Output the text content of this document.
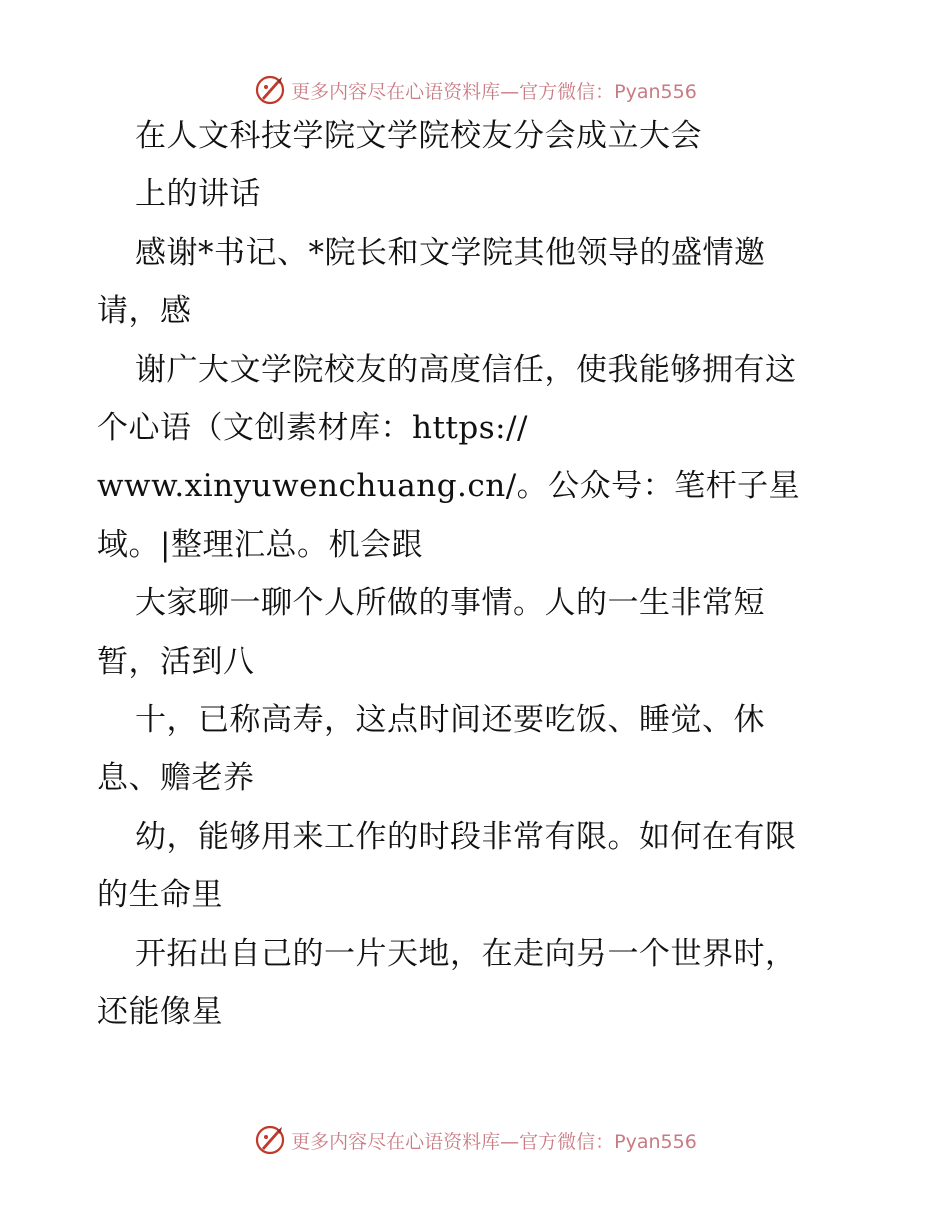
更多内容尽在心语资料库—官方微信：Pyan556
在人文科技学院文学院校友分会成立大会
上的讲话
感谢*书记、*院长和文学院其他领导的盛情邀
请，感
谢广大文学院校友的高度信任，使我能够拥有这
个心语（文创素材库：https://
www.xinyuwenchuang.cn/。公众号：笔杆子星
域。|整理汇总。机会跟
大家聊一聊个人所做的事情。人的一生非常短
暂，活到八
十，已称高寿，这点时间还要吃饭、睡觉、休
息、赡老养
幼，能够用来工作的时段非常有限。如何在有限
的生命里
开拓出自己的一片天地，在走向另一个世界时，
还能像星
更多内容尽在心语资料库—官方微信：Pyan556
